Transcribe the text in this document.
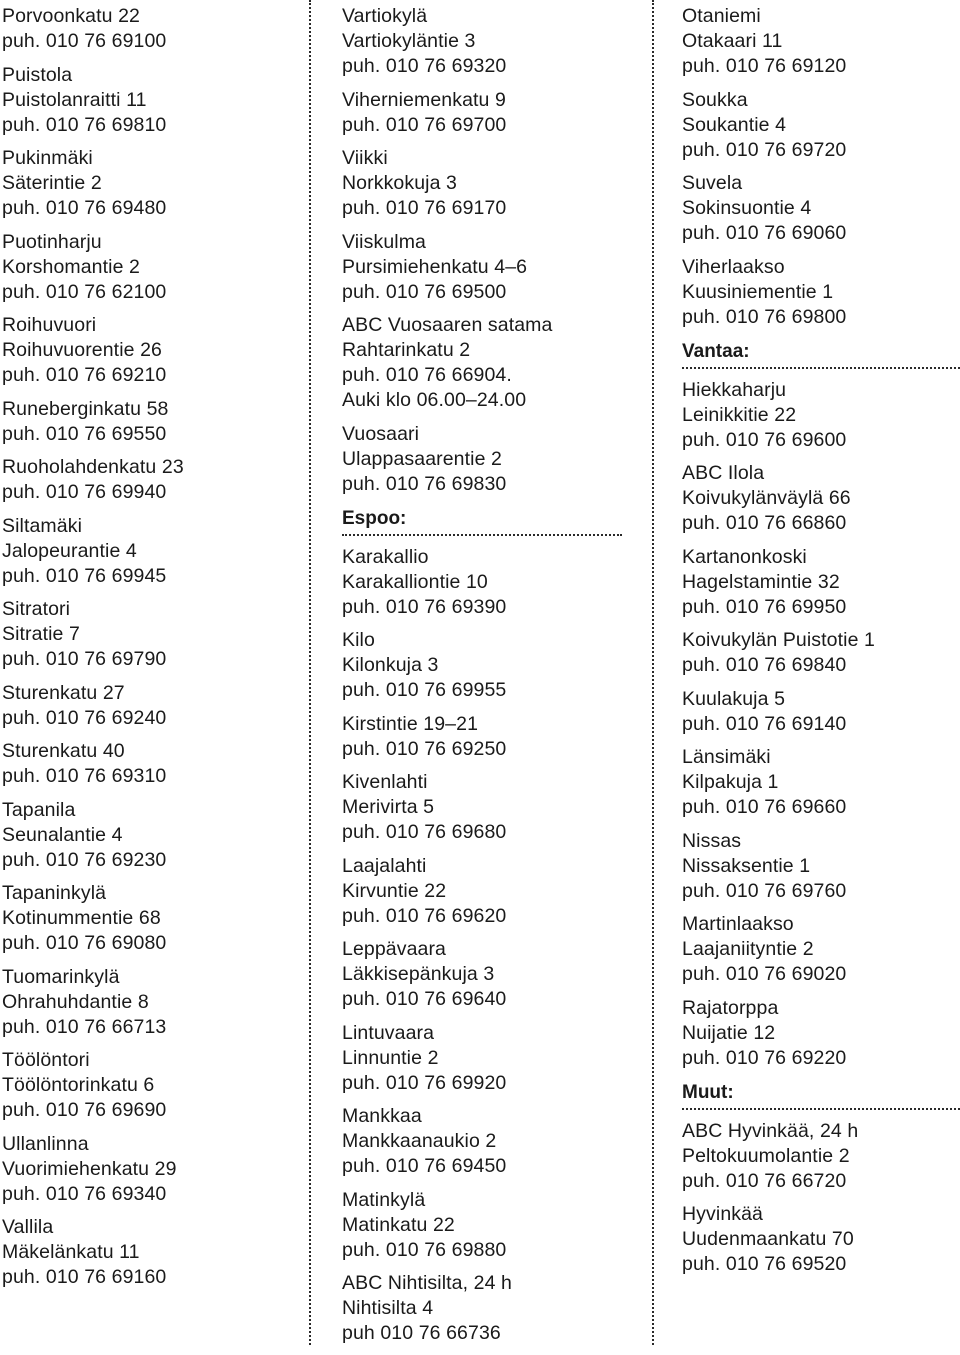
Porvoonkatu 22
puh. 010 76 69100
Puistola
Puistolanraitti 11
puh. 010 76 69810
Pukinmäki
Säterintie 2
puh. 010 76 69480
Puotinharju
Korshomantie 2
puh. 010 76 62100
Roihuvuori
Roihuvuorentie 26
puh. 010 76 69210
Runeberginkatu 58
puh. 010 76 69550
Ruoholahdenkatu 23
puh. 010 76 69940
Siltamäki
Jalopeurantie 4
puh. 010 76 69945
Sitratori
Sitratie 7
puh. 010 76 69790
Sturenkatu 27
puh. 010 76 69240
Sturenkatu 40
puh. 010 76 69310
Tapanila
Seunalantie 4
puh. 010 76 69230
Tapaninkylä
Kotinummentie 68
puh. 010 76 69080
Tuomarinkylä
Ohrahuhdantie 8
puh. 010 76 66713
Töölöntori
Töölöntorinkatu 6
puh. 010 76 69690
Ullanlinna
Vuorimiehenkatu 29
puh. 010 76 69340
Vallila
Mäkelänkatu 11
puh. 010 76 69160
Vartiokylä
Vartiokyläntie 3
puh. 010 76 69320
Viherniemenkatu 9
puh. 010 76 69700
Viikki
Norkkokuja 3
puh. 010 76 69170
Viiskulma
Pursimiehenkatu 4–6
puh. 010 76 69500
ABC Vuosaaren satama
Rahtarinkatu 2
puh. 010 76 66904.
Auki klo 06.00–24.00
Vuosaari
Ulappasaarentie 2
puh. 010 76 69830
Espoo:
Karakallio
Karakalliontie 10
puh. 010 76 69390
Kilo
Kilonkuja 3
puh. 010 76 69955
Kirstintie 19–21
puh. 010 76 69250
Kivenlahti
Merivirta 5
puh. 010 76 69680
Laajalahti
Kirvuntie 22
puh. 010 76 69620
Leppävaara
Läkkisepänkuja 3
puh. 010 76 69640
Lintuvaara
Linnuntie 2
puh. 010 76 69920
Mankkaa
Mankkaanaukio 2
puh. 010 76 69450
Matinkylä
Matinkatu 22
puh. 010 76 69880
ABC Nihtisilta, 24 h
Nihtisilta 4
puh 010 76 66736
Otaniemi
Otakaari 11
puh. 010 76 69120
Soukka
Soukantie 4
puh. 010 76 69720
Suvela
Sokinsuontie 4
puh. 010 76 69060
Viherlaakso
Kuusiniementie 1
puh. 010 76 69800
Vantaa:
Hiekkaharju
Leinikkitie 22
puh. 010 76 69600
ABC Ilola
Koivukylänväylä 66
puh. 010 76 66860
Kartanonkoski
Hagelstamintie 32
puh. 010 76 69950
Koivukylän Puistotie 1
puh. 010 76 69840
Kuulakuja 5
puh. 010 76 69140
Länsimäki
Kilpakuja 1
puh. 010 76 69660
Nissas
Nissaksentie 1
puh. 010 76 69760
Martinlaakso
Laajaniityntie 2
puh. 010 76 69020
Rajatorppa
Nuijatie 12
puh. 010 76 69220
Muut:
ABC Hyvinkää, 24 h
Peltokuumolantie 2
puh. 010 76 66720
Hyvinkää
Uudenmaankatu 70
puh. 010 76 69520
